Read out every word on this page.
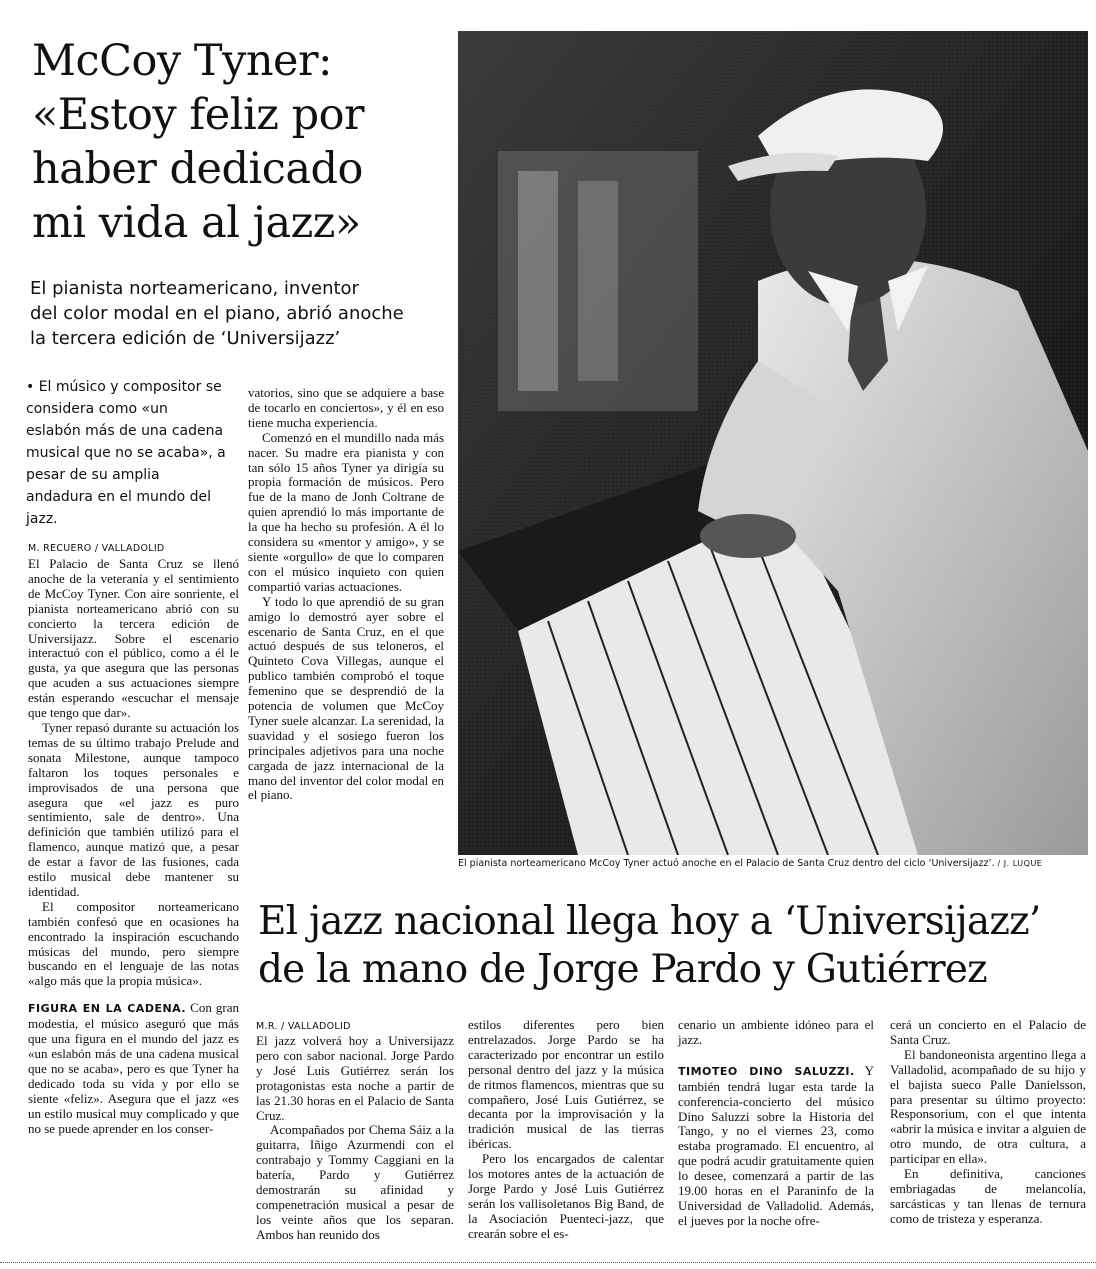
McCoy Tyner:
«Estoy feliz por
haber dedicado
mi vida al jazz»
El pianista norteamericano, inventor
del color modal en el piano, abrió anoche
la tercera edición de ‘Universijazz’
• El músico y compositor se considera como «un eslabón más de una cadena musical que no se acaba», a pesar de su amplia andadura en el mundo del jazz.
M. RECUERO / VALLADOLID

El Palacio de Santa Cruz se llenó anoche de la veteranía y el sentimiento de McCoy Tyner. Con aire sonriente, el pianista norteamericano abrió con su concierto la tercera edición de Universijazz. Sobre el escenario interactuó con el público, como a él le gusta, ya que asegura que las personas que acuden a sus actuaciones siempre están esperando «escuchar el mensaje que tengo que dar».

Tyner repasó durante su actuación los temas de su último trabajo Prelude and sonata Milestone, aunque tampoco faltaron los toques personales e improvisados de una persona que asegura que «el jazz es puro sentimiento, sale de dentro». Una definición que también utilizó para el flamenco, aunque matizó que, a pesar de estar a favor de las fusiones, cada estilo musical debe mantener su identidad.

El compositor norteamericano también confesó que en ocasiones ha encontrado la inspiración escuchando músicas del mundo, pero siempre buscando en el lenguaje de las notas «algo más que la propia música».

FIGURA EN LA CADENA. Con gran modestia, el músico aseguró que más que una figura en el mundo del jazz es «un eslabón más de una cadena musical que no se acaba», pero es que Tyner ha dedicado toda su vida y por ello se siente «feliz». Asegura que el jazz «es un estilo musical muy complicado y que no se puede aprender en los conser-

vatorios, sino que se adquiere a base de tocarlo en conciertos», y él en eso tiene mucha experiencia.

Comenzó en el mundillo nada más nacer. Su madre era pianista y con tan sólo 15 años Tyner ya dirigía su propia formación de músicos. Pero fue de la mano de Jonh Coltrane de quien aprendió lo más importante de la que ha hecho su profesión. A él lo considera su «mentor y amigo», y se siente «orgullo» de que lo comparen con el músico inquieto con quien compartió varias actuaciones.

Y todo lo que aprendió de su gran amigo lo demostró ayer sobre el escenario de Santa Cruz, en el que actuó después de sus teloneros, el Quinteto Cova Villegas, aunque el publico también comprobó el toque femenino que se desprendió de la potencia de volumen que McCoy Tyner suele alcanzar. La serenidad, la suavidad y el sosiego fueron los principales adjetivos para una noche cargada de jazz internacional de la mano del inventor del color modal en el piano.

El pianista norteamericano McCoy Tyner actuó anoche en el Palacio de Santa Cruz dentro del ciclo ‘Universijazz’. / J. LUQUE
El jazz nacional llega hoy a ‘Universijazz’
de la mano de Jorge Pardo y Gutiérrez
M.R. / VALLADOLID

El jazz volverá hoy a Universijazz pero con sabor nacional. Jorge Pardo y José Luis Gutiérrez serán los protagonistas esta noche a partir de las 21.30 horas en el Palacio de Santa Cruz.

Acompañados por Chema Sáiz a la guitarra, Iñigo Azurmendi con el contrabajo y Tommy Caggiani en la batería, Pardo y Gutiérrez demostrarán su afinidad y compenetración musical a pesar de los veinte años que los separan. Ambos han reunido dos

estilos diferentes pero bien entrelazados. Jorge Pardo se ha caracterizado por encontrar un estilo personal dentro del jazz y la música de ritmos flamencos, mientras que su compañero, José Luis Gutiérrez, se decanta por la improvisación y la tradición musical de las tierras ibéricas.

Pero los encargados de calentar los motores antes de la actuación de Jorge Pardo y José Luis Gutiérrez serán los vallisoletanos Big Band, de la Asociación Puenteci-jazz, que crearán sobre el es-

cenario un ambiente idóneo para el jazz.

TIMOTEO DINO SALUZZI. Y también tendrá lugar esta tarde la conferencia-concierto del músico Dino Saluzzi sobre la Historia del Tango, y no el viernes 23, como estaba programado. El encuentro, al que podrá acudir gratuitamente quien lo desee, comenzará a partir de las 19.00 horas en el Paraninfo de la Universidad de Valladolid. Además, el jueves por la noche ofre-

cerá un concierto en el Palacio de Santa Cruz.

El bandoneonista argentino llega a Valladolid, acompañado de su hijo y el bajista sueco Palle Danielsson, para presentar su último proyecto: Responsorium, con el que intenta «abrir la música e invitar a alguien de otro mundo, de otra cultura, a participar en ella».

En definitiva, canciones embriagadas de melancolía, sarcásticas y tan llenas de ternura como de tristeza y esperanza.
